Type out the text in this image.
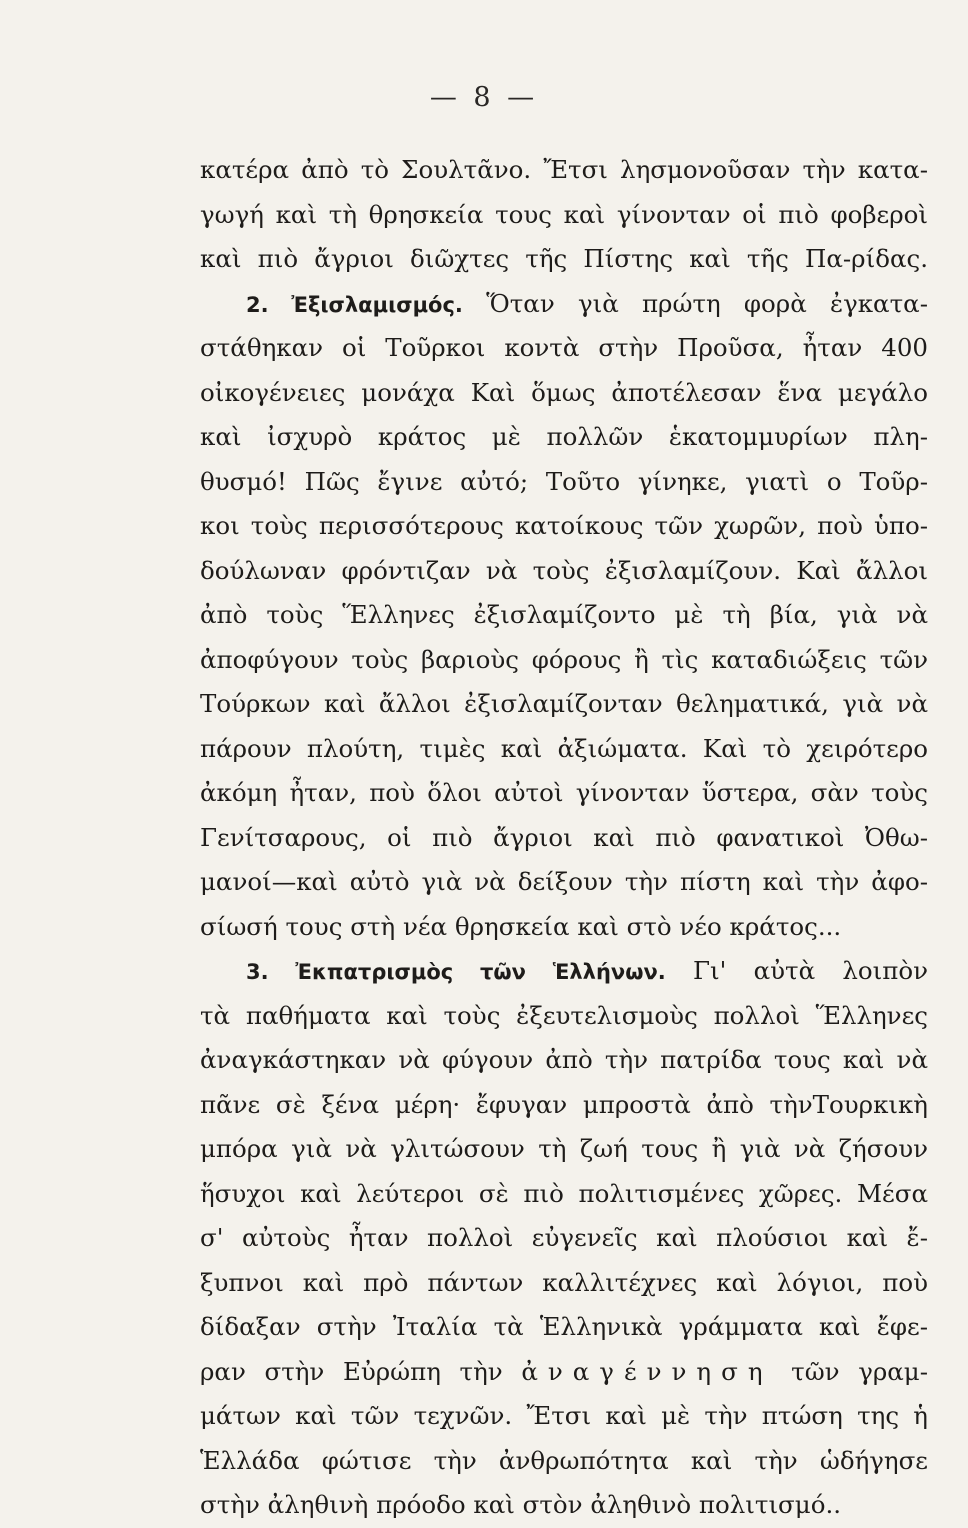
— 8 —
κατέρα ἀπὸ τὸ Σουλτᾶνο. Ἔτσι λησμονοῦσαν τὴν κατα-
γωγή καὶ τὴ θρησκεία τους καὶ γίνονταν οἱ πιὸ φοβεροὶ
καὶ πιὸ ἄγριοι διῶχτες τῆς Πίστης καὶ τῆς Πα-ρίδας.
2. Ἐξισλαμισμός. Ὅταν γιὰ πρώτη φορὰ ἐγκατα-
στάθηκαν οἱ Τοῦρκοι κοντὰ στὴν Προῦσα, ἦταν 400
οἰκογένειες μονάχα Καὶ ὅμως ἀποτέλεσαν ἕνα μεγάλο
καὶ ἰσχυρὸ κράτος μὲ πολλῶν ἑκατομμυρίων πλη-
θυσμό! Πῶς ἔγινε αὐτό; Τοῦτο γίνηκε, γιατὶ ο Τοῦρ-
κοι τοὺς περισσότερους κατοίκους τῶν χωρῶν, ποὺ ὑπο-
δούλωναν φρόντιζαν νὰ τοὺς ἐξισλαμίζουν. Καὶ ἄλλοι
ἀπὸ τοὺς Ἕλληνες ἐξισλαμίζοντο μὲ τὴ βία, γιὰ νὰ
ἀποφύγουν τοὺς βαριοὺς φόρους ἢ τὶς καταδιώξεις τῶν
Τούρκων καὶ ἄλλοι ἐξισλαμίζονταν θεληματικά, γιὰ νὰ
πάρουν πλούτη, τιμὲς καὶ ἀξιώματα. Καὶ τὸ χειρότερο
ἀκόμη ἦταν, ποὺ ὅλοι αὐτοὶ γίνονταν ὕστερα, σὰν τοὺς
Γενίτσαρους, οἱ πιὸ ἄγριοι καὶ πιὸ φανατικοὶ Ὀθω-
μανοί—καὶ αὐτὸ γιὰ νὰ δείξουν τὴν πίστη καὶ τὴν ἀφο-
σίωσή τους στὴ νέα θρησκεία καὶ στὸ νέο κράτος...
3. Ἐκπατρισμὸς τῶν Ἑλλήνων. Γι' αὐτὰ λοιπὸν
τὰ παθήματα καὶ τοὺς ἐξευτελισμοὺς πολλοὶ Ἕλληνες
ἀναγκάστηκαν νὰ φύγουν ἀπὸ τὴν πατρίδα τους καὶ νὰ
πᾶνε σὲ ξένα μέρη· ἔφυγαν μπροστὰ ἀπὸ τὴνΤουρκικὴ
μπόρα γιὰ νὰ γλιτώσουν τὴ ζωή τους ἢ γιὰ νὰ ζήσουν
ἥσυχοι καὶ λεύτεροι σὲ πιὸ πολιτισμένες χῶρες. Μέσα
σ' αὐτοὺς ἦταν πολλοὶ εὐγενεῖς καὶ πλούσιοι καὶ ἔ-
ξυπνοι καὶ πρὸ πάντων καλλιτέχνες καὶ λόγιοι, ποὺ
δίδαξαν στὴν Ἰταλία τὰ Ἑλληνικὰ γράμματα καὶ ἔφε-
ραν στὴν Εὐρώπη τὴν ἀναγέννηση τῶν γραμ-
μάτων καὶ τῶν τεχνῶν. Ἔτσι καὶ μὲ τὴν πτώση της ἡ
Ἑλλάδα φώτισε τὴν ἀνθρωπότητα καὶ τὴν ὡδήγησε
στὴν ἀληθινὴ πρόοδο καὶ στὸν ἀληθινὸ πολιτισμό..
